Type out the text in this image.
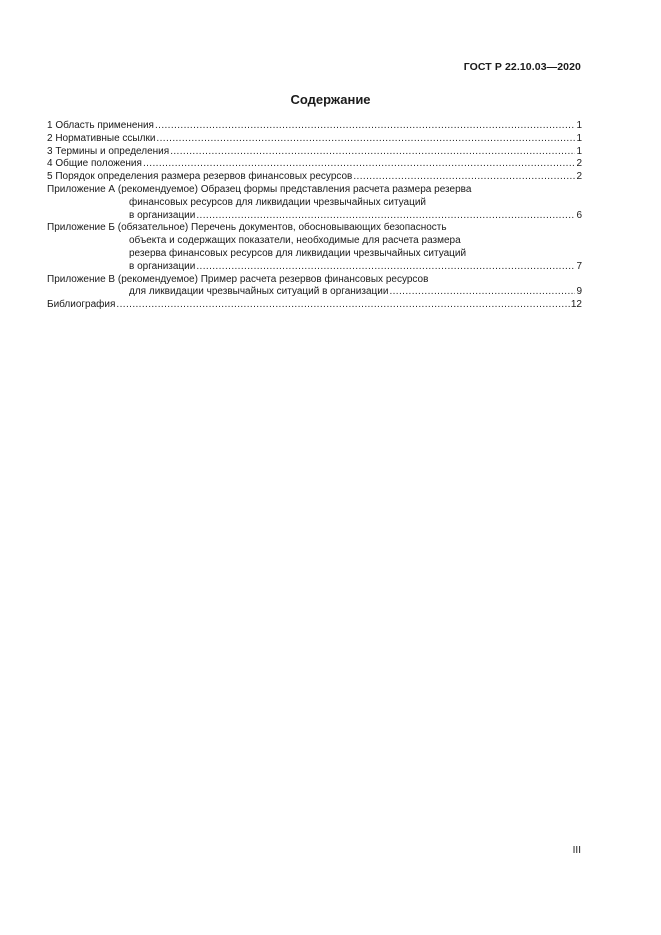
ГОСТ Р 22.10.03—2020
Содержание
1 Область применения .....	1
2 Нормативные ссылки .....	1
3 Термины и определения .....	1
4 Общие положения .....	2
5 Порядок определения размера резервов финансовых ресурсов .....	2
Приложение А (рекомендуемое) Образец формы представления расчета размера резерва
финансовых ресурсов для ликвидации чрезвычайных ситуаций
в организации .....	6
Приложение Б (обязательное) Перечень документов, обосновывающих безопасность
объекта и содержащих показатели, необходимые для расчета размера
резерва финансовых ресурсов для ликвидации чрезвычайных ситуаций
в организации .....	7
Приложение В (рекомендуемое) Пример расчета резервов финансовых ресурсов
для ликвидации чрезвычайных ситуаций в организации .....	9
Библиография .....	12
III
